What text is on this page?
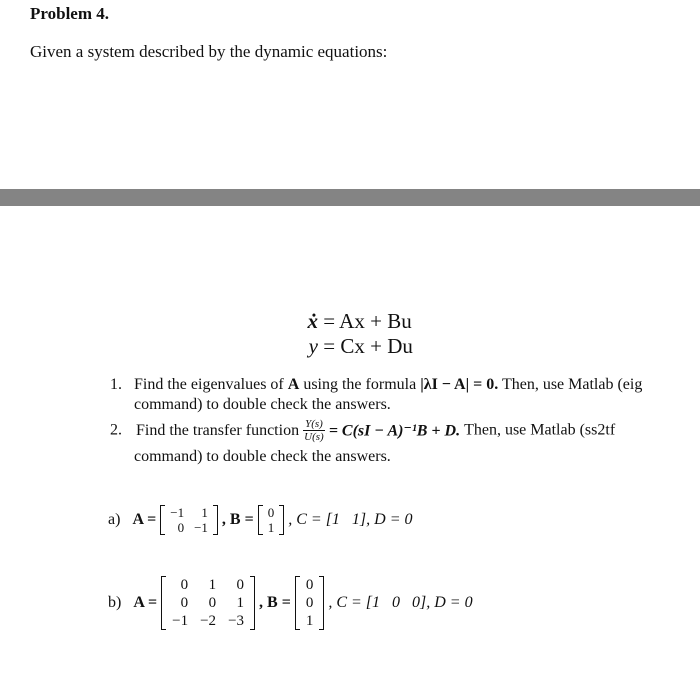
Problem 4.
Given a system described by the dynamic equations:
ẋ = Ax + Bu
y = Cx + Du
1. Find the eigenvalues of A using the formula |λI − A| = 0. Then, use Matlab (eig
command) to double check the answers.
2. Find the transfer function $\frac{Y(s)}{U(s)} = C(sI - A)^{-1}B + D$. Then, use Matlab (ss2tf
command) to double check the answers.
a) A = −1	1
0	−1 , B = 0
1 , C = [1   1], D = 0
b) A =
0	1	0
0	0	1
−1	−2	−3
, B =
0
0
1
, C = [1   0   0], D = 0
